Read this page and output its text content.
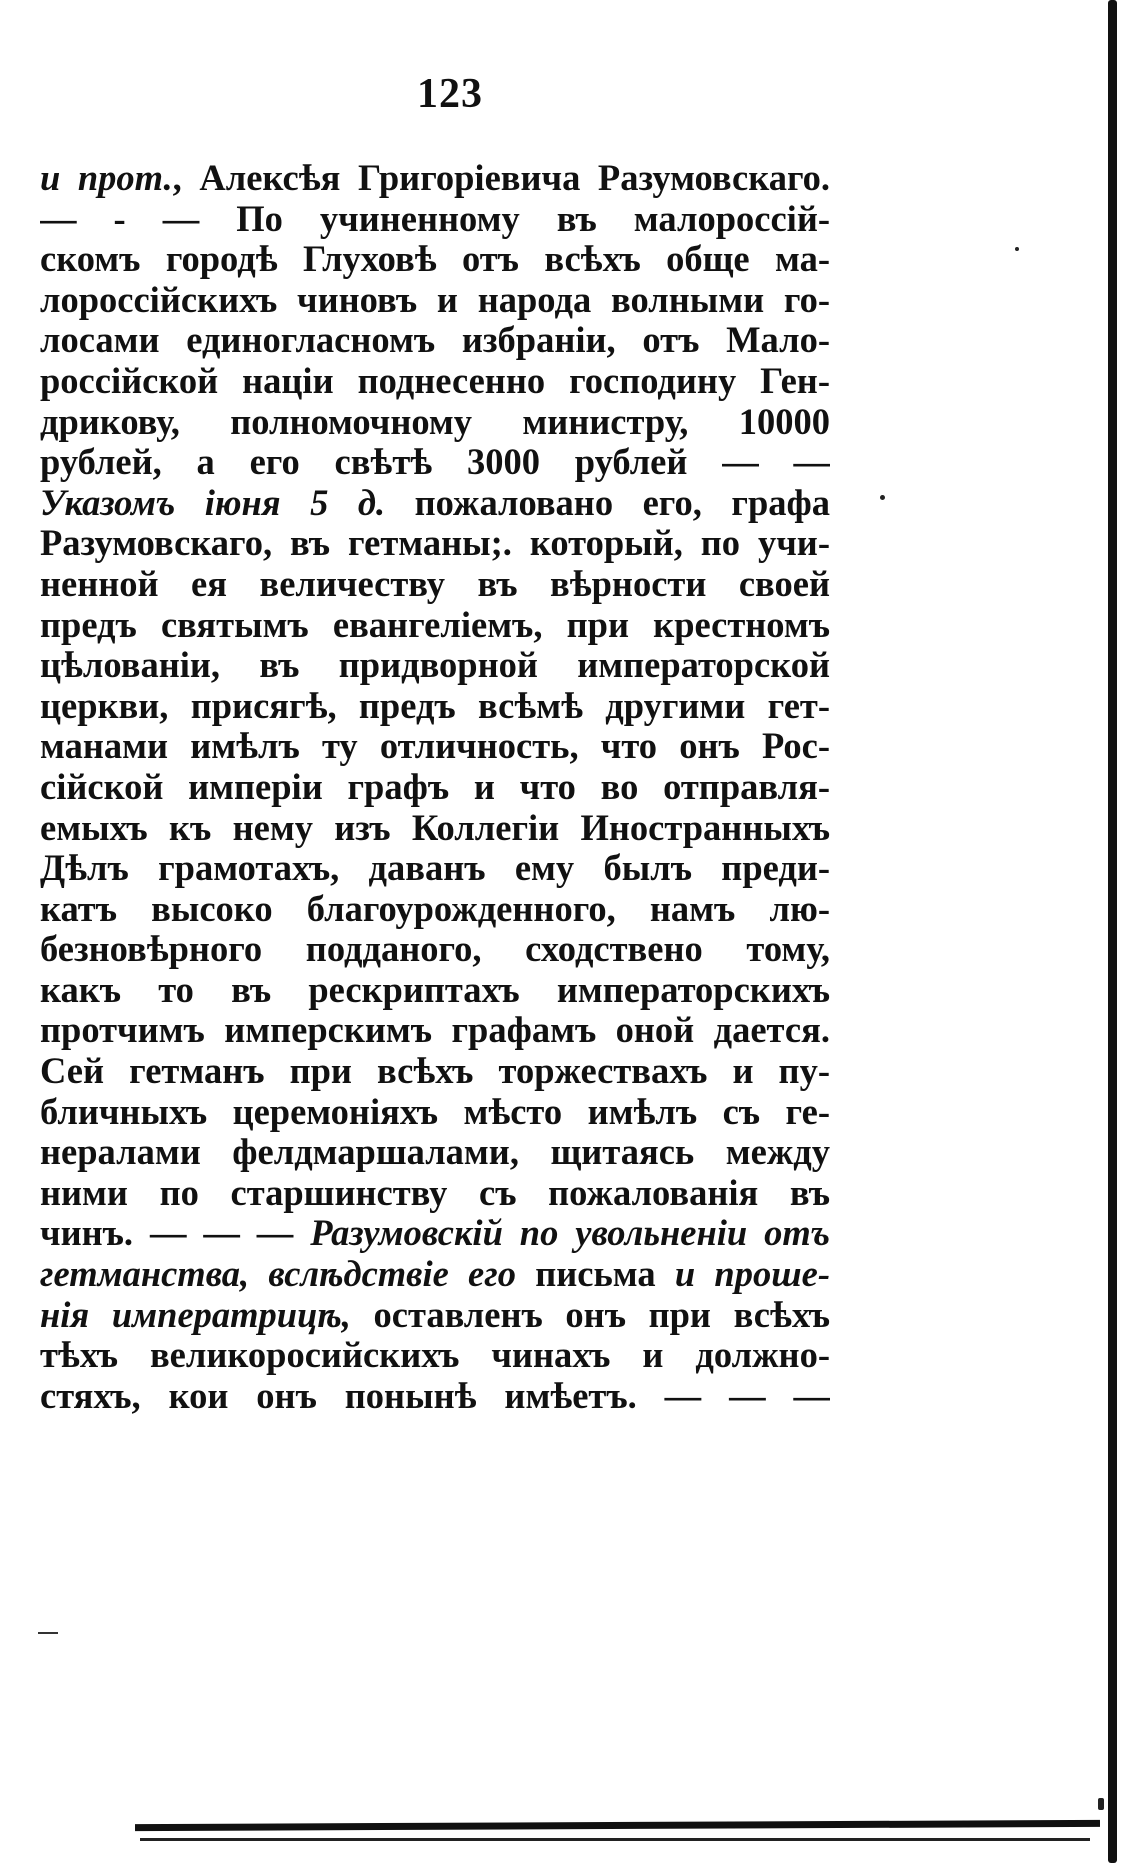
123
и прот., Алексѣя Григоріевича Разумовскаго.
— - — По учиненному въ малороссій-
скомъ городѣ Глуховѣ отъ всѣхъ обще ма-
лороссійскихъ чиновъ и народа волными го-
лосами единогласномъ избраніи, отъ Мало-
россійской націи поднесенно господину Ген-
дрикову, полномочному министру, 10000
рублей, а его свѣтѣ 3000 рублей — —
Указомъ іюня 5 д. пожаловано его, графа
Разумовскаго, въ гетманы;. который, по учи-
ненной ея величеству въ вѣрности своей
предъ святымъ евангеліемъ, при крестномъ
цѣлованіи, въ придворной императорской
церкви, присягѣ, предъ всѣмѣ другими гет-
манами имѣлъ ту отличность, что онъ Рос-
сійской имперіи графъ и что во отправля-
емыхъ къ нему изъ Коллегіи Иностранныхъ
Дѣлъ грамотахъ, даванъ ему былъ преди-
катъ высоко благоурожденного, намъ лю-
безновѣрного подданого, сходствено тому,
какъ то въ рескриптахъ императорскихъ
протчимъ имперскимъ графамъ оной дается.
Сей гетманъ при всѣхъ торжествахъ и пу-
бличныхъ церемоніяхъ мѣсто имѣлъ съ ге-
нералами фелдмаршалами, щитаясь между
ними по старшинству съ пожалованія въ
чинъ. — — — Разумовскій по увольненіи отъ
гетманства, вслѣдствіе его письма и проше-
нія императрицѣ, оставленъ онъ при всѣхъ
тѣхъ великоросийскихъ чинахъ и должно-
стяхъ, кои онъ понынѣ имѣетъ. — — —
